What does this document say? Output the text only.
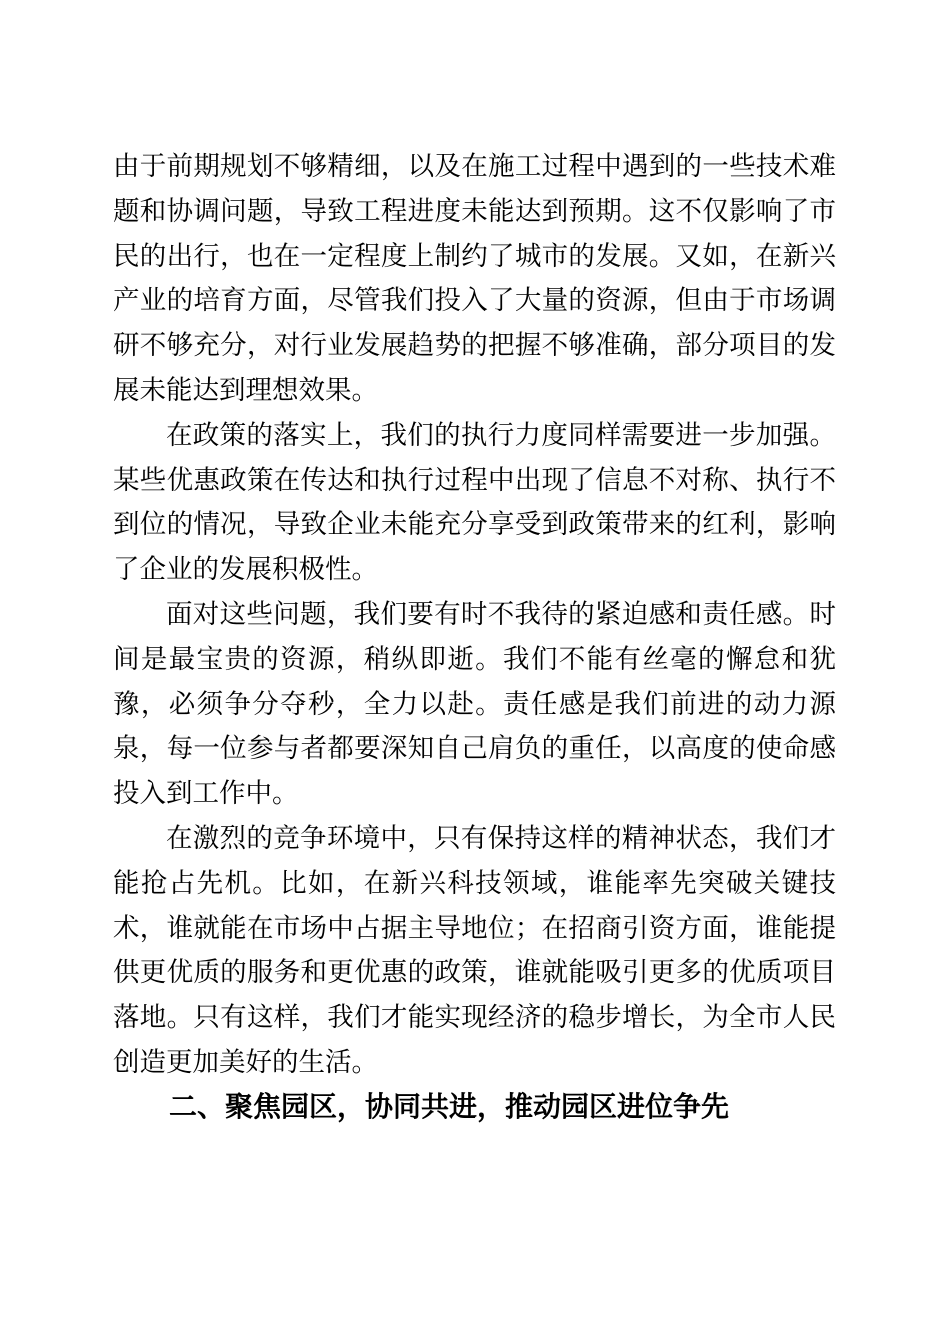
由于前期规划不够精细，以及在施工过程中遇到的一些技术难题和协调问题，导致工程进度未能达到预期。这不仅影响了市民的出行，也在一定程度上制约了城市的发展。又如，在新兴产业的培育方面，尽管我们投入了大量的资源，但由于市场调研不够充分，对行业发展趋势的把握不够准确，部分项目的发展未能达到理想效果。

在政策的落实上，我们的执行力度同样需要进一步加强。某些优惠政策在传达和执行过程中出现了信息不对称、执行不到位的情况，导致企业未能充分享受到政策带来的红利，影响了企业的发展积极性。

面对这些问题，我们要有时不我待的紧迫感和责任感。时间是最宝贵的资源，稍纵即逝。我们不能有丝毫的懈怠和犹豫，必须争分夺秒，全力以赴。责任感是我们前进的动力源泉，每一位参与者都要深知自己肩负的重任，以高度的使命感投入到工作中。

在激烈的竞争环境中，只有保持这样的精神状态，我们才能抢占先机。比如，在新兴科技领域，谁能率先突破关键技术，谁就能在市场中占据主导地位；在招商引资方面，谁能提供更优质的服务和更优惠的政策，谁就能吸引更多的优质项目落地。只有这样，我们才能实现经济的稳步增长，为全市人民创造更加美好的生活。

二、聚焦园区，协同共进，推动园区进位争先
